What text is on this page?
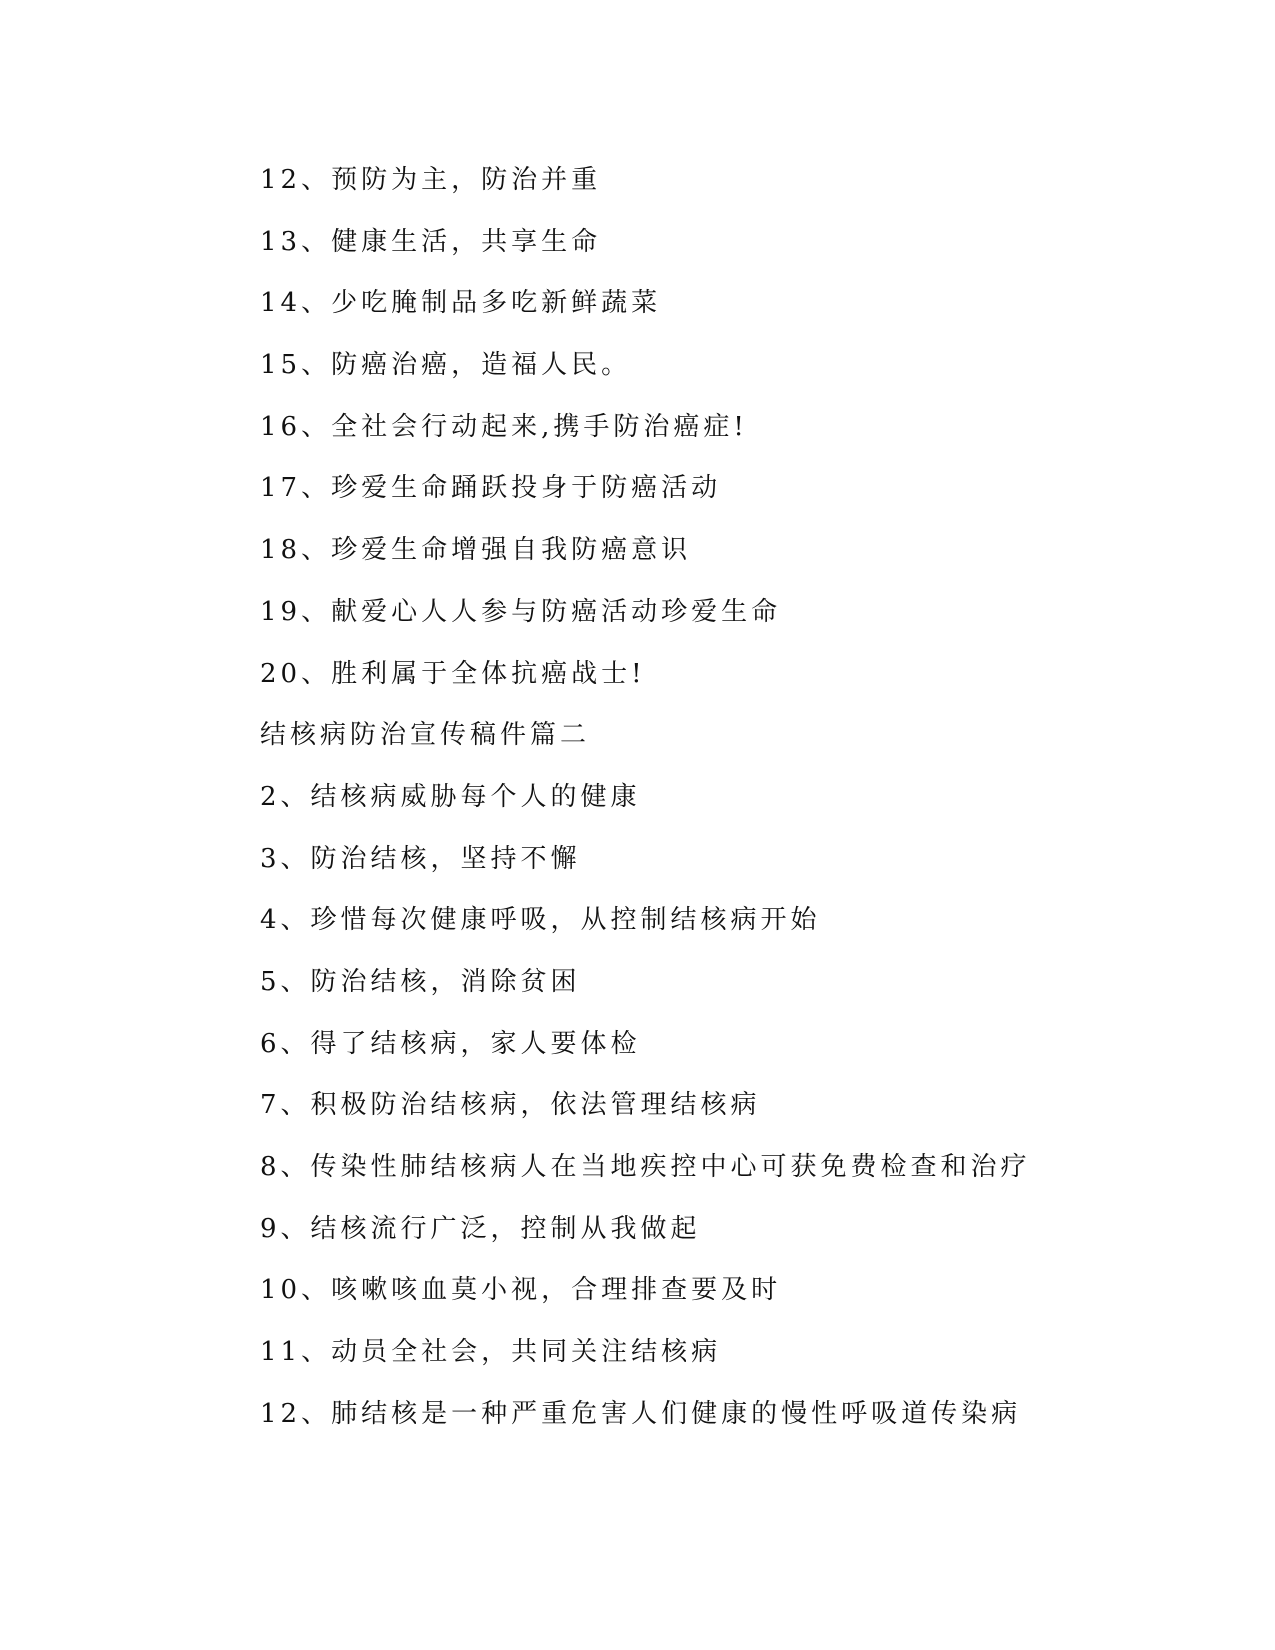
12、预防为主，防治并重
13、健康生活，共享生命
14、少吃腌制品多吃新鲜蔬菜
15、防癌治癌，造福人民。
16、全社会行动起来,携手防治癌症!
17、珍爱生命踊跃投身于防癌活动
18、珍爱生命增强自我防癌意识
19、献爱心人人参与防癌活动珍爱生命
20、胜利属于全体抗癌战士!
结核病防治宣传稿件篇二
2、结核病威胁每个人的健康
3、防治结核，坚持不懈
4、珍惜每次健康呼吸，从控制结核病开始
5、防治结核，消除贫困
6、得了结核病，家人要体检
7、积极防治结核病，依法管理结核病
8、传染性肺结核病人在当地疾控中心可获免费检查和治疗
9、结核流行广泛，控制从我做起
10、咳嗽咳血莫小视，合理排查要及时
11、动员全社会，共同关注结核病
12、肺结核是一种严重危害人们健康的慢性呼吸道传染病
